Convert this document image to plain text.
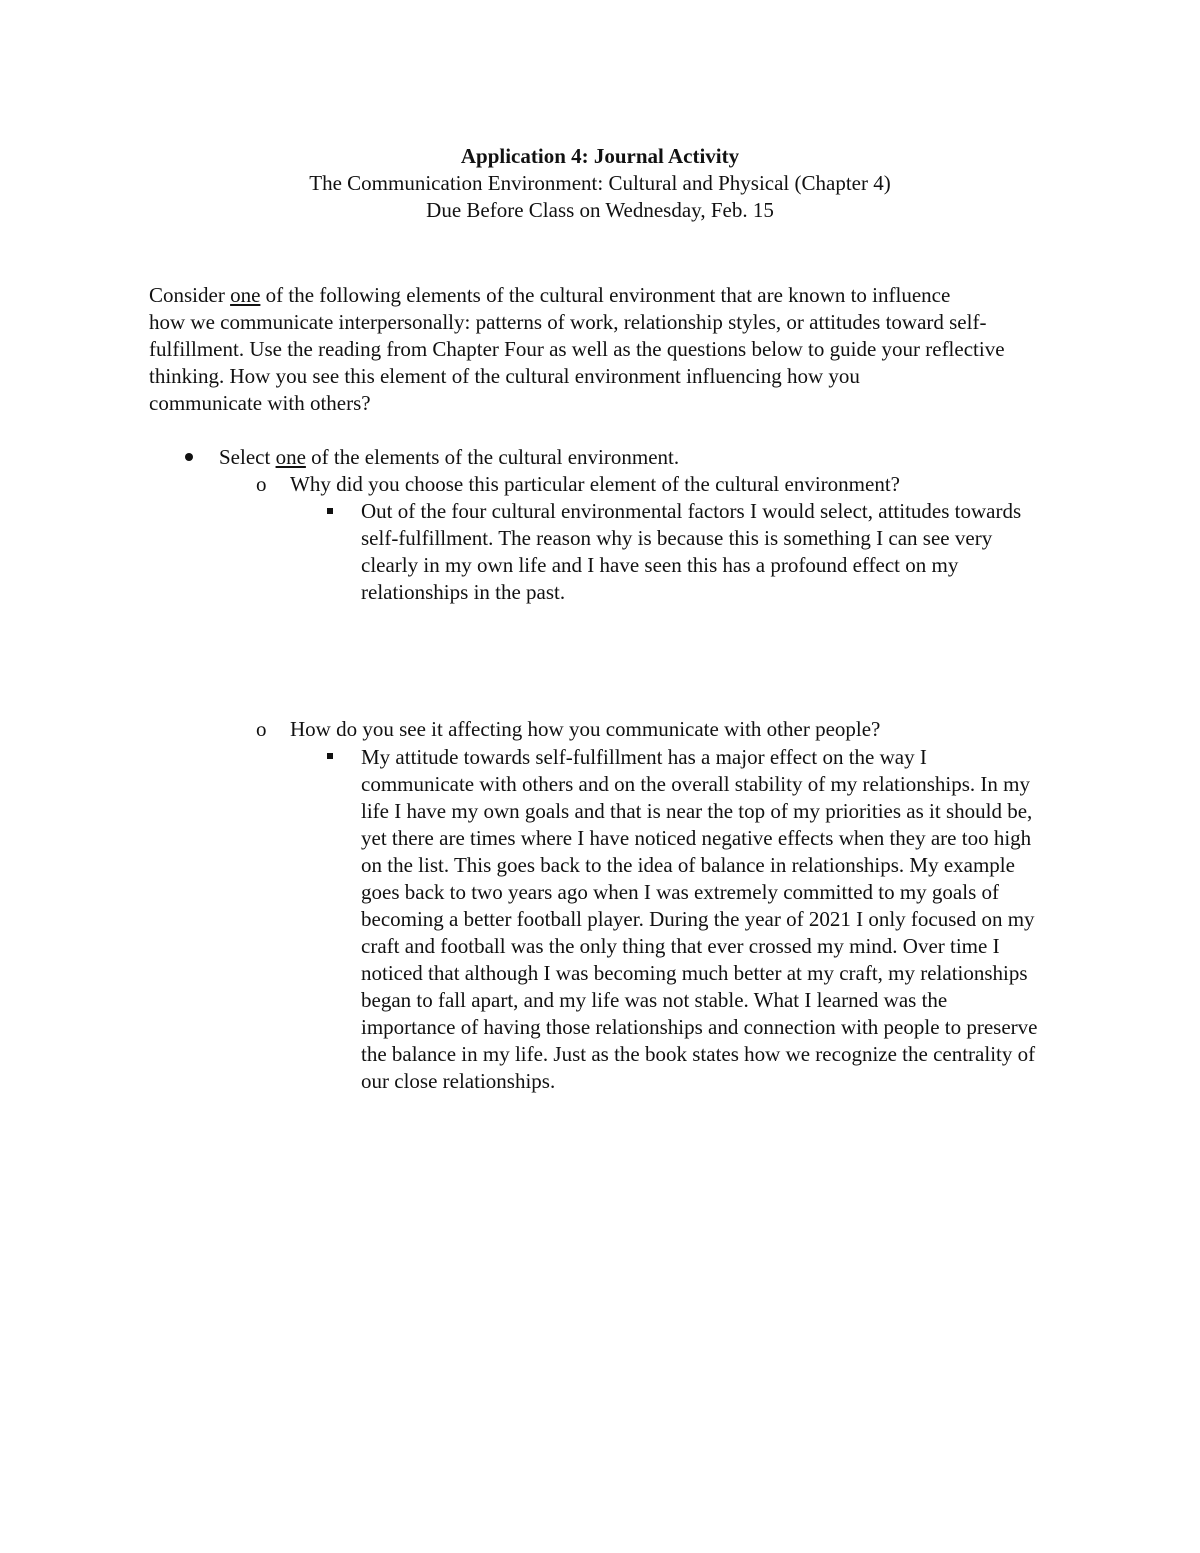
Application 4: Journal Activity
The Communication Environment: Cultural and Physical (Chapter 4)
Due Before Class on Wednesday, Feb. 15
Consider one of the following elements of the cultural environment that are known to influence
how we communicate interpersonally: patterns of work, relationship styles, or attitudes toward self-
fulfillment. Use the reading from Chapter Four as well as the questions below to guide your reflective
thinking. How you see this element of the cultural environment influencing how you
communicate with others?
Select one of the elements of the cultural environment.
o Why did you choose this particular element of the cultural environment?
Out of the four cultural environmental factors I would select, attitudes towards
self-fulfillment. The reason why is because this is something I can see very
clearly in my own life and I have seen this has a profound effect on my
relationships in the past.
o How do you see it affecting how you communicate with other people?
My attitude towards self-fulfillment has a major effect on the way I
communicate with others and on the overall stability of my relationships. In my
life I have my own goals and that is near the top of my priorities as it should be,
yet there are times where I have noticed negative effects when they are too high
on the list. This goes back to the idea of balance in relationships. My example
goes back to two years ago when I was extremely committed to my goals of
becoming a better football player. During the year of 2021 I only focused on my
craft and football was the only thing that ever crossed my mind. Over time I
noticed that although I was becoming much better at my craft, my relationships
began to fall apart, and my life was not stable. What I learned was the
importance of having those relationships and connection with people to preserve
the balance in my life. Just as the book states how we recognize the centrality of
our close relationships.
